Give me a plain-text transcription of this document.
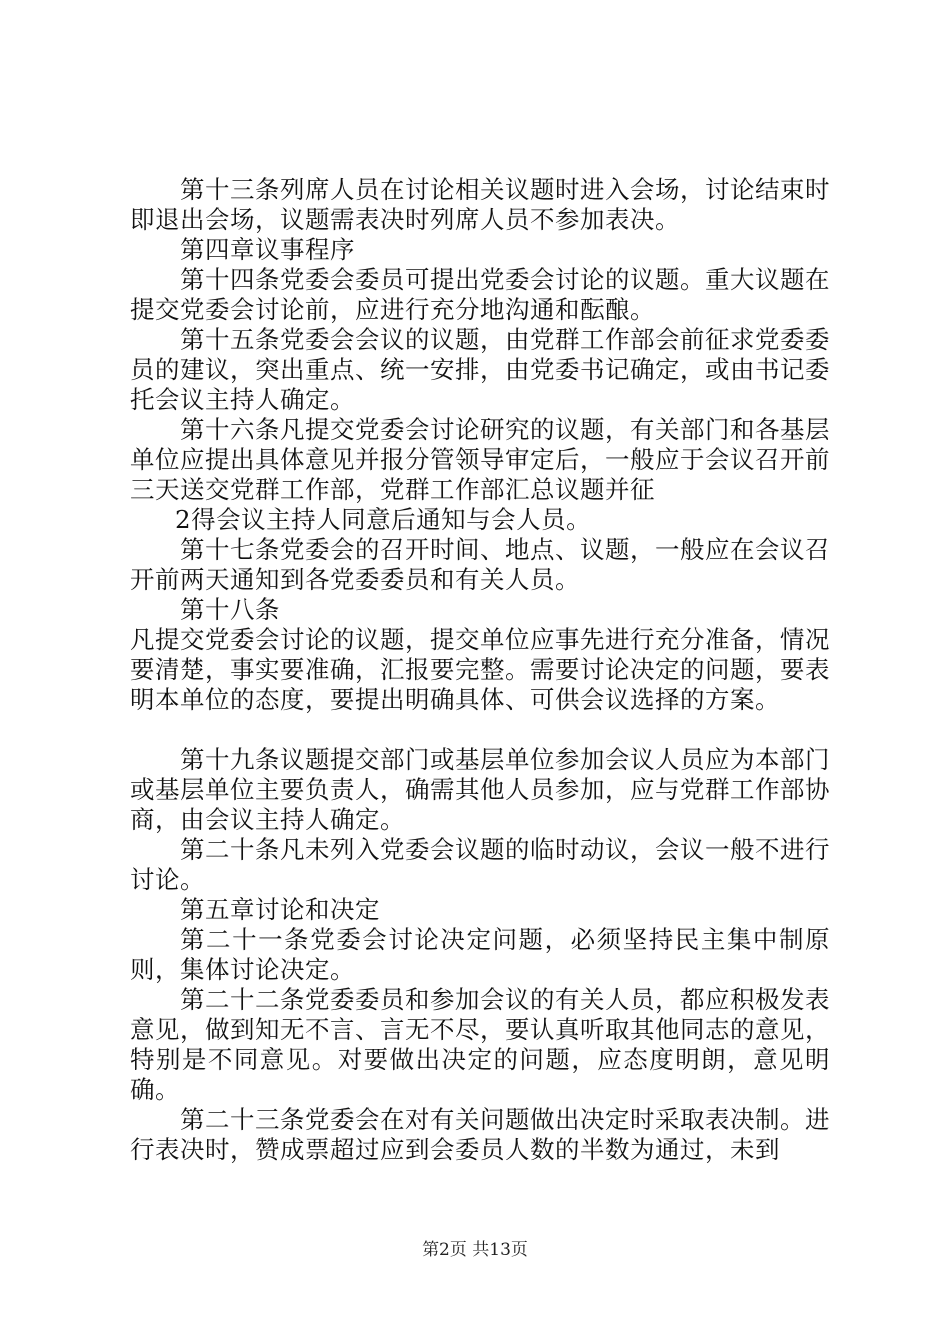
第十三条列席人员在讨论相关议题时进入会场，讨论结束时即退出会场，议题需表决时列席人员不参加表决。

第四章议事程序

第十四条党委会委员可提出党委会讨论的议题。重大议题在提交党委会讨论前，应进行充分地沟通和酝酿。

第十五条党委会会议的议题，由党群工作部会前征求党委委员的建议，突出重点、统一安排，由党委书记确定，或由书记委托会议主持人确定。

第十六条凡提交党委会讨论研究的议题，有关部门和各基层单位应提出具体意见并报分管领导审定后，一般应于会议召开前三天送交党群工作部，党群工作部汇总议题并征

2得会议主持人同意后通知与会人员。

第十七条党委会的召开时间、地点、议题，一般应在会议召开前两天通知到各党委委员和有关人员。

第十八条

凡提交党委会讨论的议题，提交单位应事先进行充分准备，情况要清楚，事实要准确，汇报要完整。需要讨论决定的问题，要表明本单位的态度，要提出明确具体、可供会议选择的方案。

第十九条议题提交部门或基层单位参加会议人员应为本部门或基层单位主要负责人，确需其他人员参加，应与党群工作部协商，由会议主持人确定。

第二十条凡未列入党委会议题的临时动议，会议一般不进行讨论。

第五章讨论和决定

第二十一条党委会讨论决定问题，必须坚持民主集中制原则，集体讨论决定。

第二十二条党委委员和参加会议的有关人员，都应积极发表意见，做到知无不言、言无不尽，要认真听取其他同志的意见，特别是不同意见。对要做出决定的问题，应态度明朗，意见明确。

第二十三条党委会在对有关问题做出决定时采取表决制。进行表决时，赞成票超过应到会委员人数的半数为通过，未到

第2页 共13页
